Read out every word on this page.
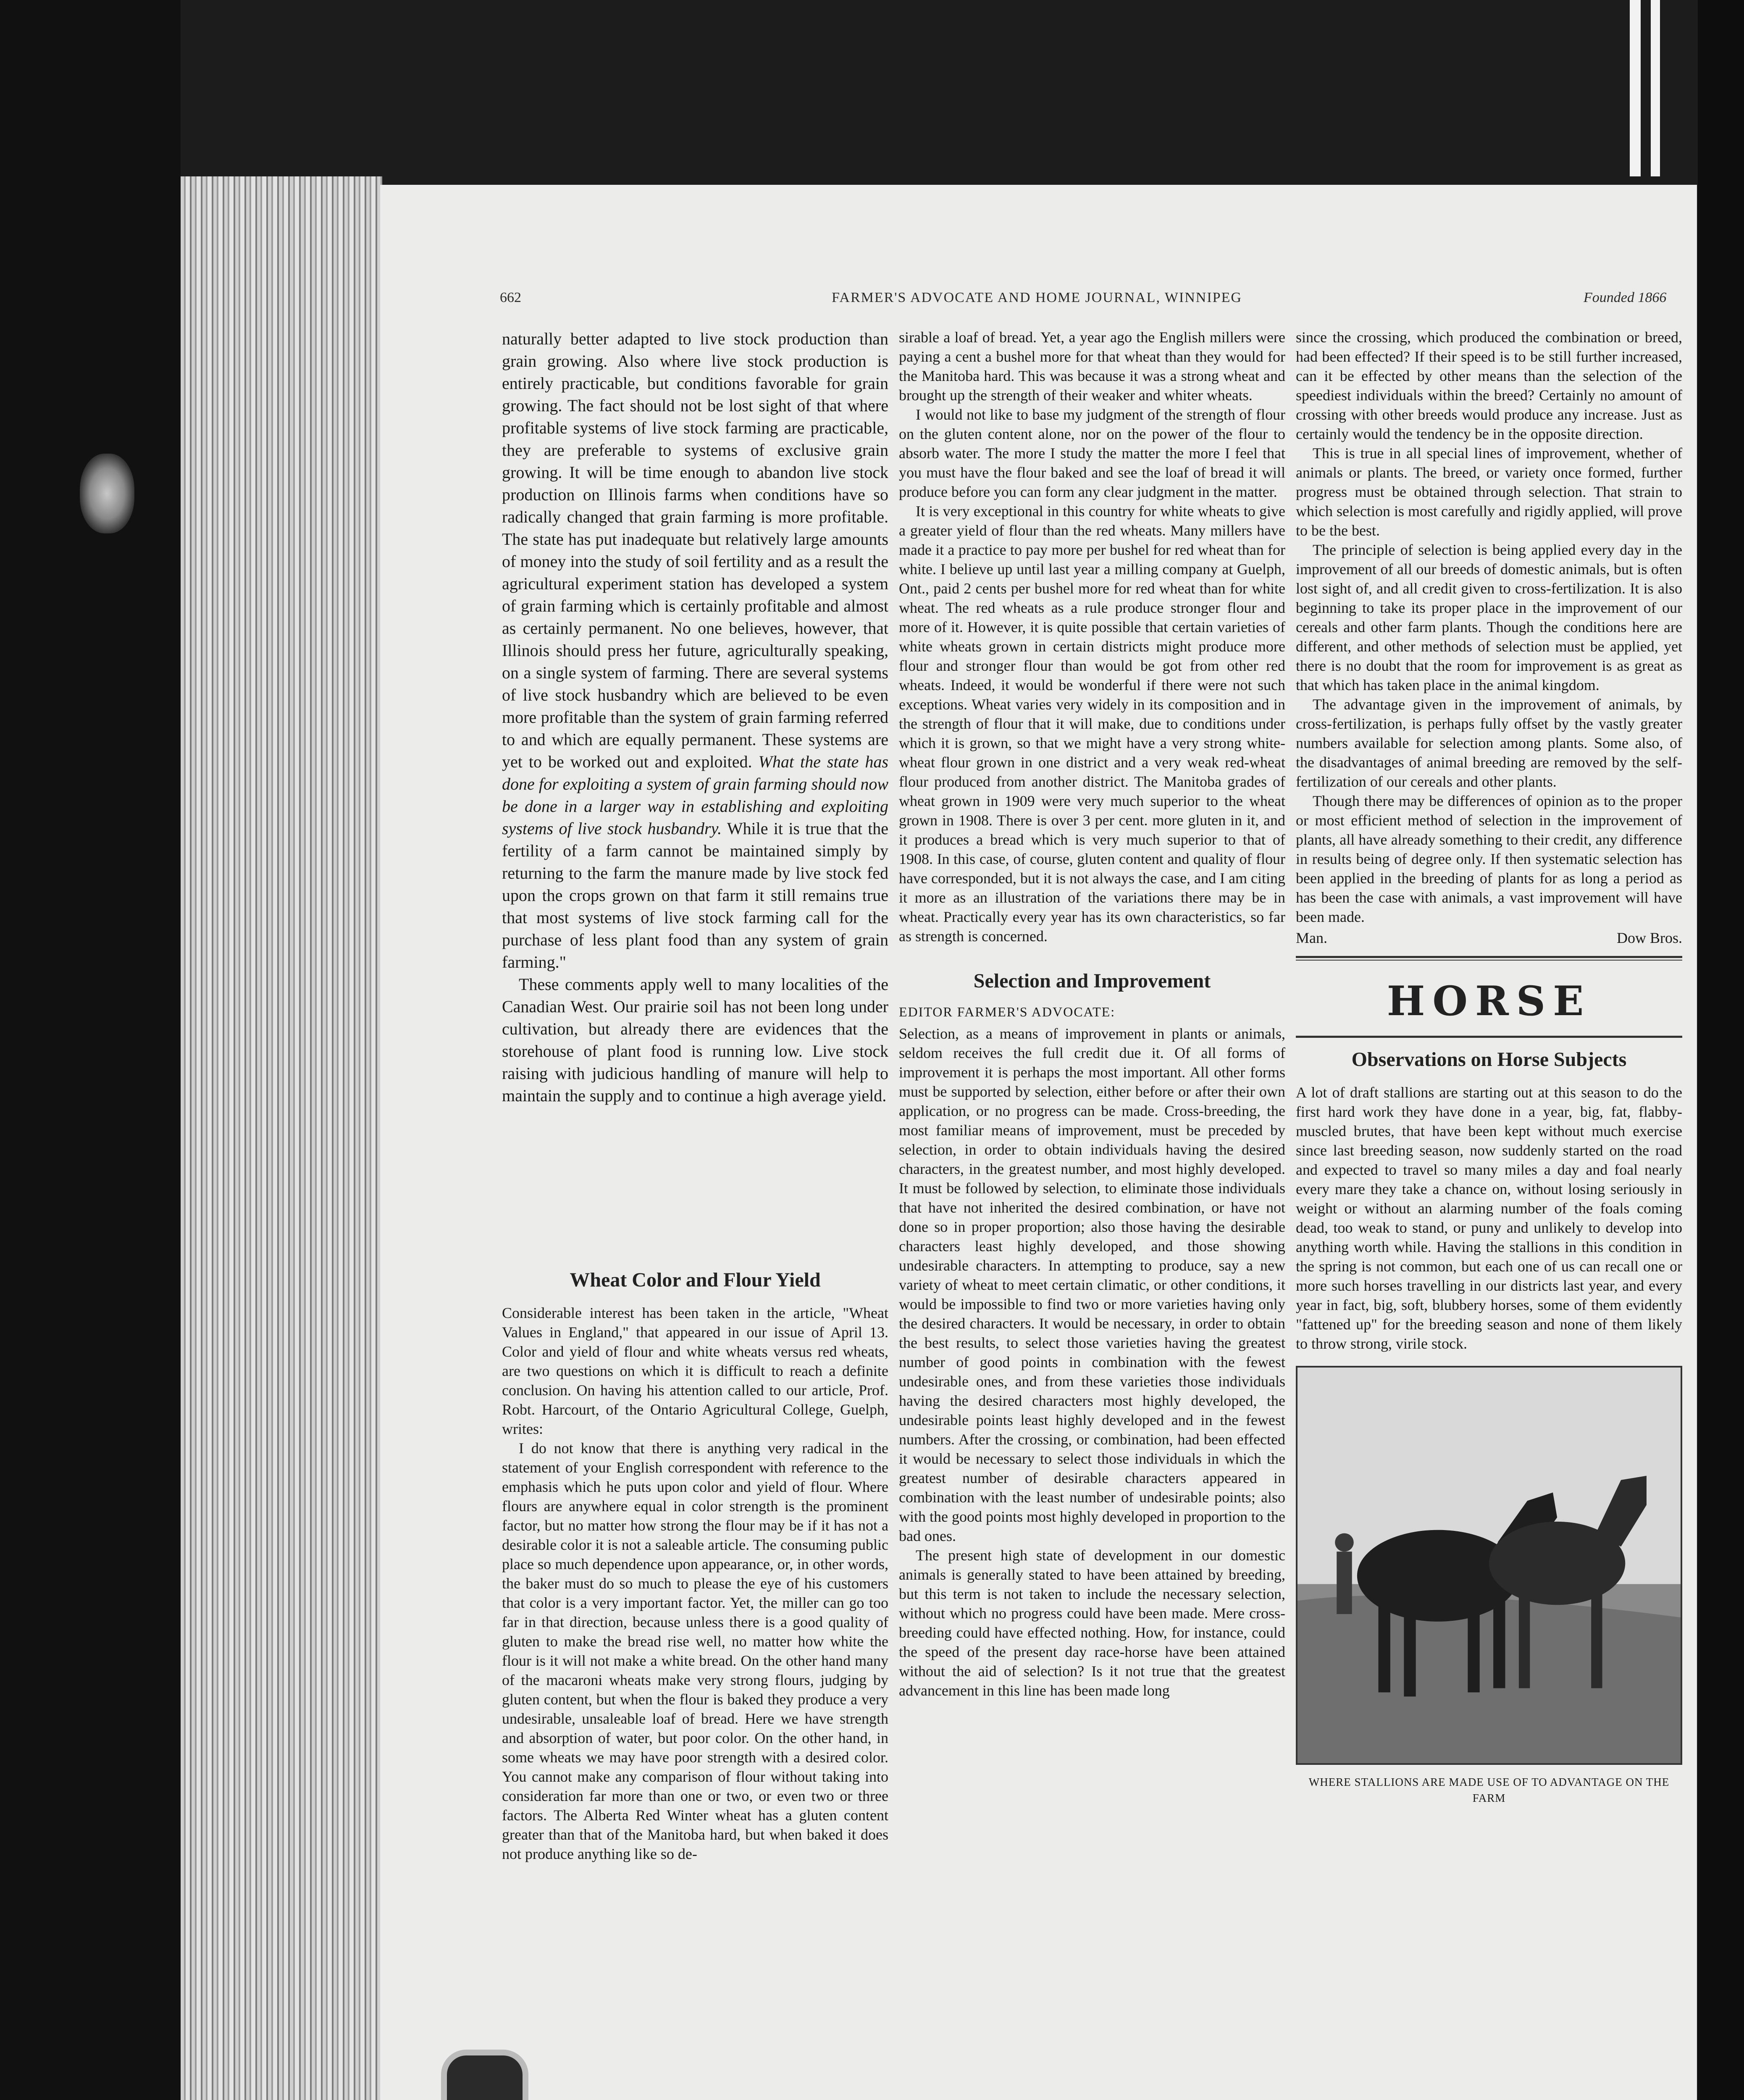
662	FARMER'S ADVOCATE AND HOME JOURNAL, WINNIPEG	Founded 1866

naturally better adapted to live stock production than grain growing. Also where live stock production is entirely practicable, but conditions favorable for grain growing. The fact should not be lost sight of that where profitable systems of live stock farming are practicable, they are preferable to systems of exclusive grain growing. It will be time enough to abandon live stock production on Illinois farms when conditions have so radically changed that grain farming is more profitable. The state has put inadequate but relatively large amounts of money into the study of soil fertility and as a result the agricultural experiment station has developed a system of grain farming which is certainly profitable and almost as certainly permanent. No one believes, however, that Illinois should press her future, agriculturally speaking, on a single system of farming. There are several systems of live stock husbandry which are believed to be even more profitable than the system of grain farming referred to and which are equally permanent. These systems are yet to be worked out and exploited. What the state has done for exploiting a system of grain farming should now be done in a larger way in establishing and exploiting systems of live stock husbandry. While it is true that the fertility of a farm cannot be maintained simply by returning to the farm the manure made by live stock fed upon the crops grown on that farm it still remains true that most systems of live stock farming call for the purchase of less plant food than any system of grain farming."

These comments apply well to many localities of the Canadian West. Our prairie soil has not been long under cultivation, but already there are evidences that the storehouse of plant food is running low. Live stock raising with judicious handling of manure will help to maintain the supply and to continue a high average yield.

Wheat Color and Flour Yield

Considerable interest has been taken in the article, "Wheat Values in England," that appeared in our issue of April 13. Color and yield of flour and white wheats versus red wheats, are two questions on which it is difficult to reach a definite conclusion. On having his attention called to our article, Prof. Robt. Harcourt, of the Ontario Agricultural College, Guelph, writes:

I do not know that there is anything very radical in the statement of your English correspondent with reference to the emphasis which he puts upon color and yield of flour. Where flours are anywhere equal in color strength is the prominent factor, but no matter how strong the flour may be if it has not a desirable color it is not a saleable article. The consuming public place so much dependence upon appearance, or, in other words, the baker must do so much to please the eye of his customers that color is a very important factor. Yet, the miller can go too far in that direction, because unless there is a good quality of gluten to make the bread rise well, no matter how white the flour is it will not make a white bread. On the other hand many of the macaroni wheats make very strong flours, judging by gluten content, but when the flour is baked they produce a very undesirable, unsaleable loaf of bread. Here we have strength and absorption of water, but poor color. On the other hand, in some wheats we may have poor strength with a desired color. You cannot make any comparison of flour without taking into consideration far more than one or two, or even two or three factors. The Alberta Red Winter wheat has a gluten content greater than that of the Manitoba hard, but when baked it does not produce anything like so de-

sirable a loaf of bread. Yet, a year ago the English millers were paying a cent a bushel more for that wheat than they would for the Manitoba hard. This was because it was a strong wheat and brought up the strength of their weaker and whiter wheats.

I would not like to base my judgment of the strength of flour on the gluten content alone, nor on the power of the flour to absorb water. The more I study the matter the more I feel that you must have the flour baked and see the loaf of bread it will produce before you can form any clear judgment in the matter.

It is very exceptional in this country for white wheats to give a greater yield of flour than the red wheats. Many millers have made it a practice to pay more per bushel for red wheat than for white. I believe up until last year a milling company at Guelph, Ont., paid 2 cents per bushel more for red wheat than for white wheat. The red wheats as a rule produce stronger flour and more of it. However, it is quite possible that certain varieties of white wheats grown in certain districts might produce more flour and stronger flour than would be got from other red wheats. Indeed, it would be wonderful if there were not such exceptions. Wheat varies very widely in its composition and in the strength of flour that it will make, due to conditions under which it is grown, so that we might have a very strong white-wheat flour grown in one district and a very weak red-wheat flour produced from another district. The Manitoba grades of wheat grown in 1909 were very much superior to the wheat grown in 1908. There is over 3 per cent. more gluten in it, and it produces a bread which is very much superior to that of 1908. In this case, of course, gluten content and quality of flour have corresponded, but it is not always the case, and I am citing it more as an illustration of the variations there may be in wheat. Practically every year has its own characteristics, so far as strength is concerned.

Selection and Improvement
EDITOR FARMER'S ADVOCATE:

Selection, as a means of improvement in plants or animals, seldom receives the full credit due it. Of all forms of improvement it is perhaps the most important. All other forms must be supported by selection, either before or after their own application, or no progress can be made. Cross-breeding, the most familiar means of improvement, must be preceded by selection, in order to obtain individuals having the desired characters, in the greatest number, and most highly developed. It must be followed by selection, to eliminate those individuals that have not inherited the desired combination, or have not done so in proper proportion; also those having the desirable characters least highly developed, and those showing undesirable characters. In attempting to produce, say a new variety of wheat to meet certain climatic, or other conditions, it would be impossible to find two or more varieties having only the desired characters. It would be necessary, in order to obtain the best results, to select those varieties having the greatest number of good points in combination with the fewest undesirable ones, and from these varieties those individuals having the desired characters most highly developed, the undesirable points least highly developed and in the fewest numbers. After the crossing, or combination, had been effected it would be necessary to select those individuals in which the greatest number of desirable characters appeared in combination with the least number of undesirable points; also with the good points most highly developed in proportion to the bad ones.

The present high state of development in our domestic animals is generally stated to have been attained by breeding, but this term is not taken to include the necessary selection, without which no progress could have been made. Mere cross-breeding could have effected nothing. How, for instance, could the speed of the present day race-horse have been attained without the aid of selection? Is it not true that the greatest advancement in this line has been made long

since the crossing, which produced the combination or breed, had been effected? If their speed is to be still further increased, can it be effected by other means than the selection of the speediest individuals within the breed? Certainly no amount of crossing with other breeds would produce any increase. Just as certainly would the tendency be in the opposite direction.

This is true in all special lines of improvement, whether of animals or plants. The breed, or variety once formed, further progress must be obtained through selection. That strain to which selection is most carefully and rigidly applied, will prove to be the best.

The principle of selection is being applied every day in the improvement of all our breeds of domestic animals, but is often lost sight of, and all credit given to cross-fertilization. It is also beginning to take its proper place in the improvement of our cereals and other farm plants. Though the conditions here are different, and other methods of selection must be applied, yet there is no doubt that the room for improvement is as great as that which has taken place in the animal kingdom.

The advantage given in the improvement of animals, by cross-fertilization, is perhaps fully offset by the vastly greater numbers available for selection among plants. Some also, of the disadvantages of animal breeding are removed by the self-fertilization of our cereals and other plants.

Though there may be differences of opinion as to the proper or most efficient method of selection in the improvement of plants, all have already something to their credit, any difference in results being of degree only. If then systematic selection has been applied in the breeding of plants for as long a period as has been the case with animals, a vast improvement will have been made.

Man.	Dow Bros.
HORSE
Observations on Horse Subjects

A lot of draft stallions are starting out at this season to do the first hard work they have done in a year, big, fat, flabby-muscled brutes, that have been kept without much exercise since last breeding season, now suddenly started on the road and expected to travel so many miles a day and foal nearly every mare they take a chance on, without losing seriously in weight or without an alarming number of the foals coming dead, too weak to stand, or puny and unlikely to develop into anything worth while. Having the stallions in this condition in the spring is not common, but each one of us can recall one or more such horses travelling in our districts last year, and every year in fact, big, soft, blubbery horses, some of them evidently "fattened up" for the breeding season and none of them likely to throw strong, virile stock.

WHERE STALLIONS ARE MADE USE OF TO ADVANTAGE ON THE FARM
